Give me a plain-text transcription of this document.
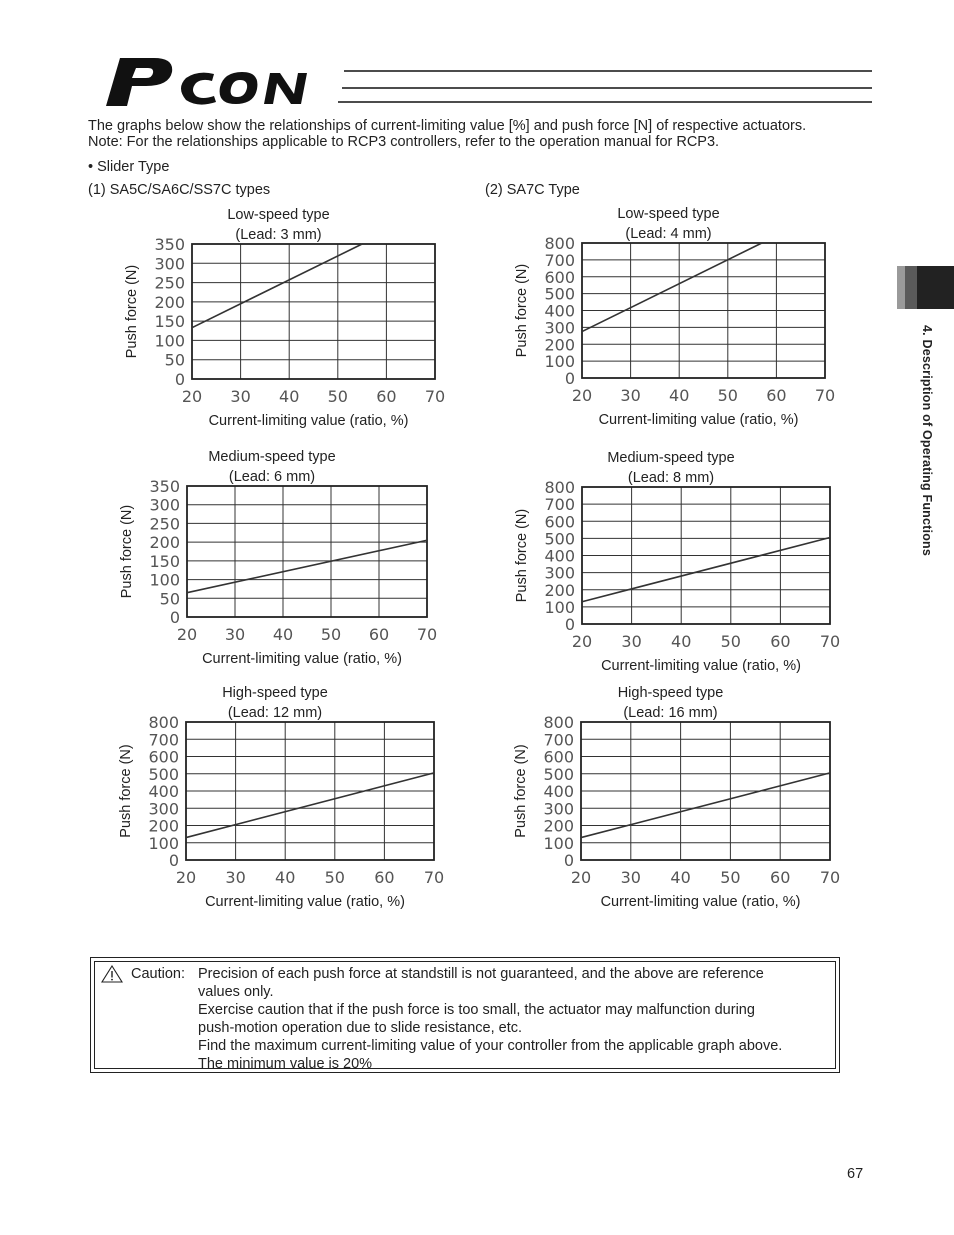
The graphs below show the relationships of current-limiting value [%] and push force [N] of respective actuators.
Note: For the relationships applicable to RCP3 controllers, refer to the operation manual for RCP3.
• Slider Type
(1) SA5C/SA6C/SS7C types	(2) SA7C Type
4. Description of Operating Functions
20 30 40 50 60 70
0
50
100
150
200
250
300
350
Low-speed type
(Lead: 3 mm)
Current-limiting value (ratio, %)
Push force (N)
20 30 40 50 60 70
0
100
200
300
400
500
600
700
800
Low-speed type
(Lead: 4 mm)
Current-limiting value (ratio, %)
Push force (N)
20 30 40 50 60 70
0
50
100
150
200
250
300
350
Medium-speed type
(Lead: 6 mm)
Current-limiting value (ratio, %)
Push force (N)
20 30 40 50 60 70
0
100
200
300
400
500
600
700
800
Medium-speed type
(Lead: 8 mm)
Current-limiting value (ratio, %)
Push force (N)
20 30 40 50 60 70
0
100
200
300
400
500
600
700
800
High-speed type
(Lead: 12 mm)
Current-limiting value (ratio, %)
Push force (N)
20 30 40 50 60 70
0
100
200
300
400
500
600
700
800
High-speed type
(Lead: 16 mm)
Current-limiting value (ratio, %)
Push force (N)
Caution: Precision of each push force at standstill is not guaranteed, and the above are reference
values only.
Exercise caution that if the push force is too small, the actuator may malfunction during
push-motion operation due to slide resistance, etc.
Find the maximum current-limiting value of your controller from the applicable graph above.
The minimum value is 20%
67
